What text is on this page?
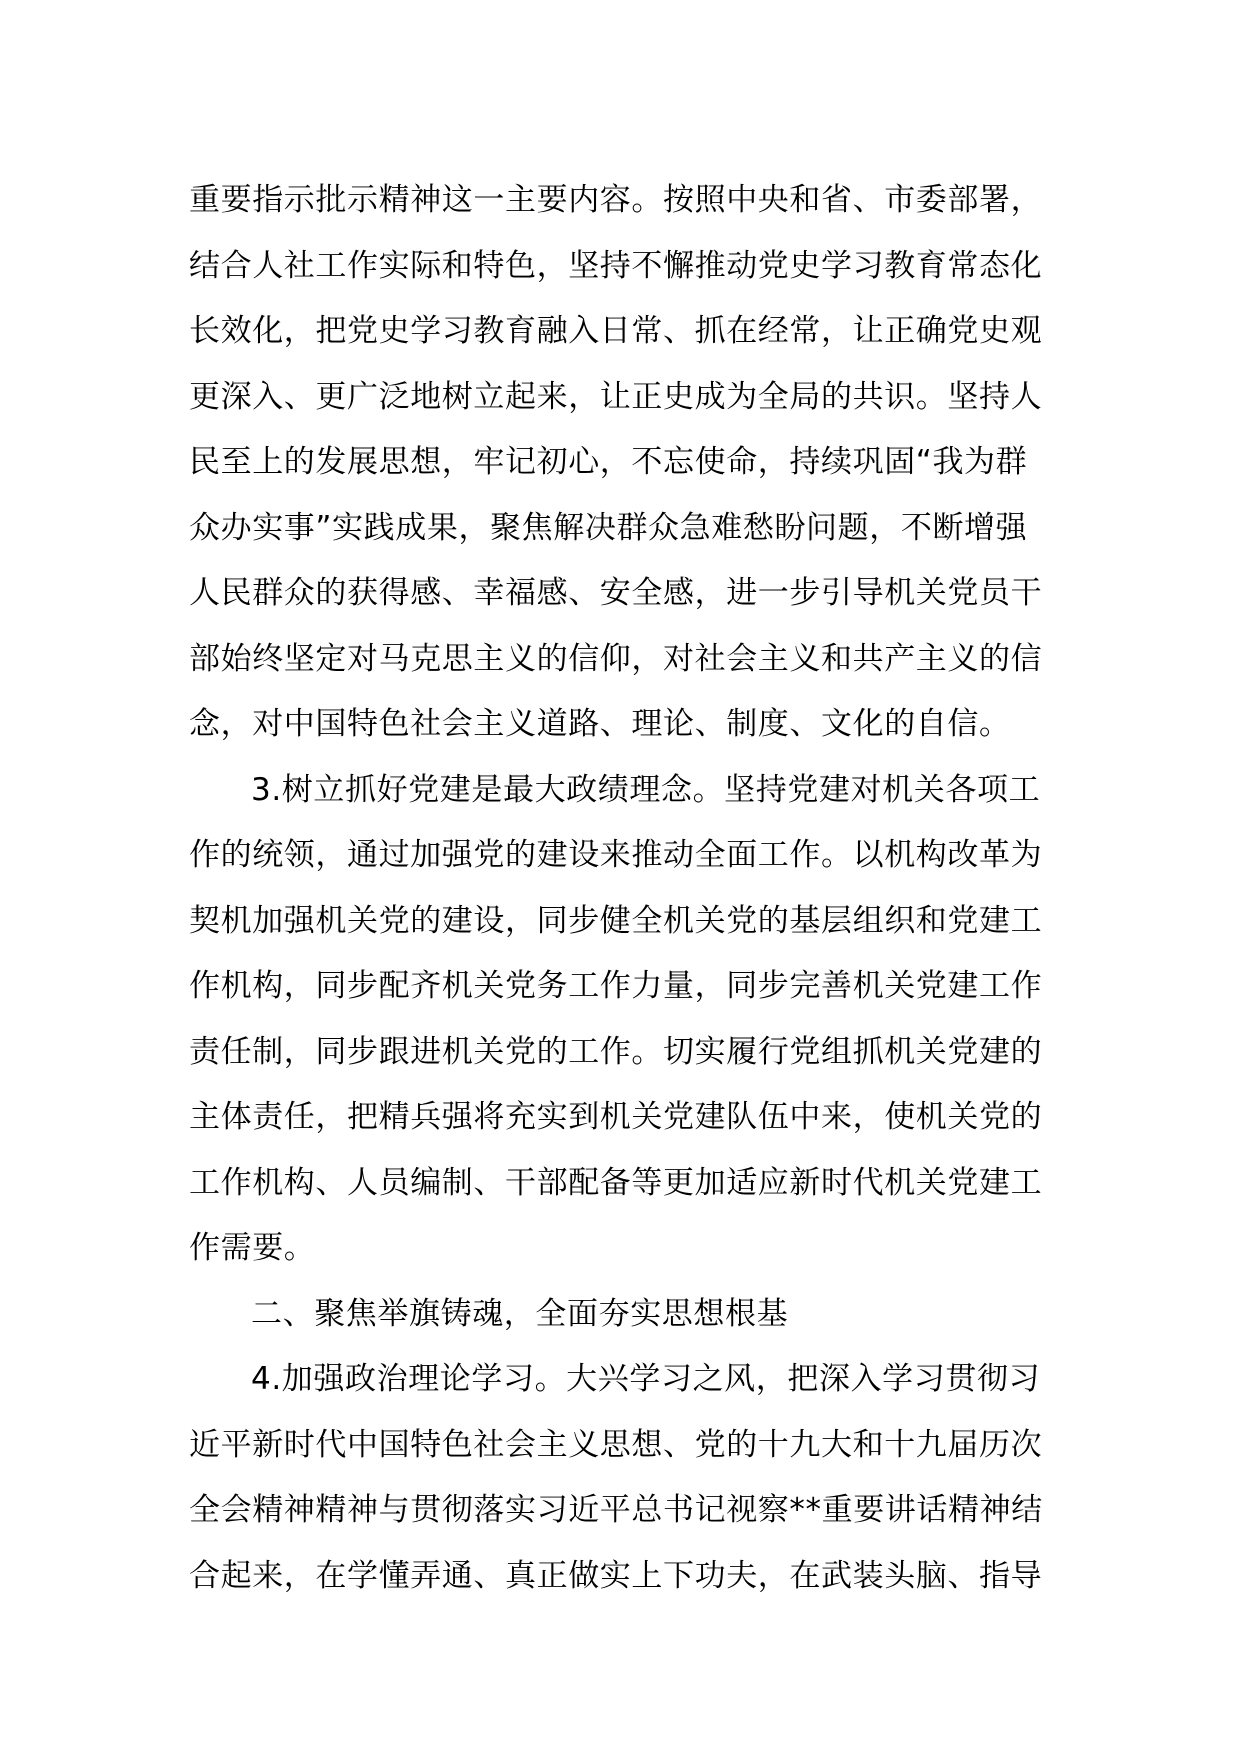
重要指示批示精神这一主要内容。按照中央和省、市委部署，
结合人社工作实际和特色，坚持不懈推动党史学习教育常态化
长效化，把党史学习教育融入日常、抓在经常，让正确党史观
更深入、更广泛地树立起来，让正史成为全局的共识。坚持人
民至上的发展思想，牢记初心，不忘使命，持续巩固“我为群
众办实事”实践成果，聚焦解决群众急难愁盼问题，不断增强
人民群众的获得感、幸福感、安全感，进一步引导机关党员干
部始终坚定对马克思主义的信仰，对社会主义和共产主义的信
念，对中国特色社会主义道路、理论、制度、文化的自信。
3.树立抓好党建是最大政绩理念。坚持党建对机关各项工
作的统领，通过加强党的建设来推动全面工作。以机构改革为
契机加强机关党的建设，同步健全机关党的基层组织和党建工
作机构，同步配齐机关党务工作力量，同步完善机关党建工作
责任制，同步跟进机关党的工作。切实履行党组抓机关党建的
主体责任，把精兵强将充实到机关党建队伍中来，使机关党的
工作机构、人员编制、干部配备等更加适应新时代机关党建工
作需要。
二、聚焦举旗铸魂，全面夯实思想根基
4.加强政治理论学习。大兴学习之风，把深入学习贯彻习
近平新时代中国特色社会主义思想、党的十九大和十九届历次
全会精神精神与贯彻落实习近平总书记视察**重要讲话精神结
合起来，在学懂弄通、真正做实上下功夫，在武装头脑、指导
